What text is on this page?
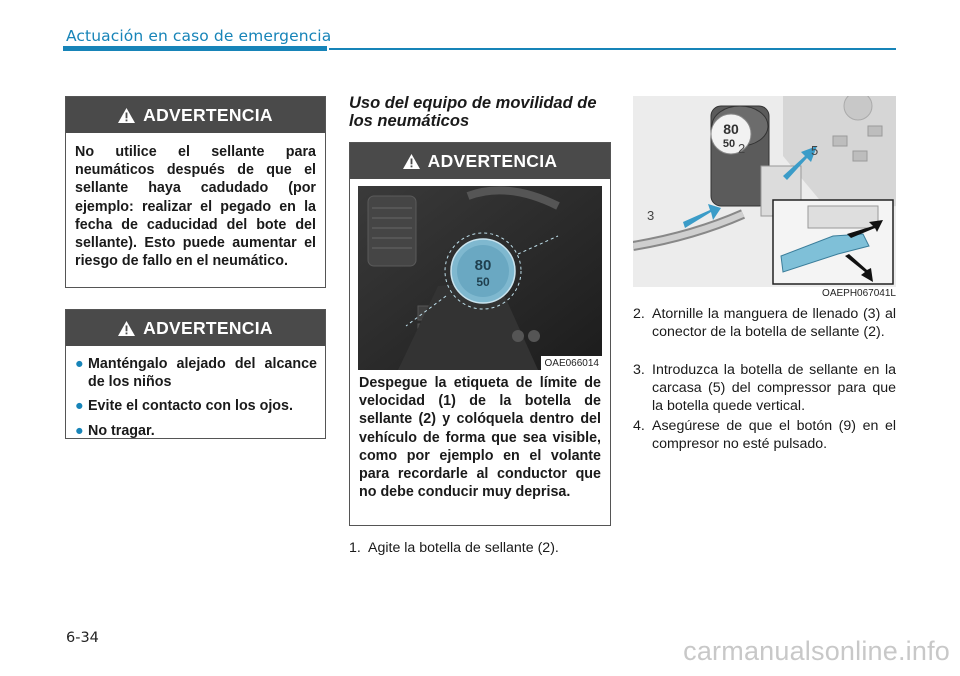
Actuación en caso de emergencia
ADVERTENCIA
No utilice el sellante para neumáticos después de que el sellante haya cadudado (por ejemplo: realizar el pegado en la fecha de caducidad del bote del sellante). Esto puede aumentar el riesgo de fallo en el neumático.
ADVERTENCIA
● Manténgalo alejado del alcance de los niños
● Evite el contacto con los ojos.
● No tragar.
Uso del equipo de movilidad de los neumáticos
ADVERTENCIA
80
50
OAE066014
Despegue la etiqueta de límite de velocidad (1) de la botella de sellante (2) y colóquela dentro del vehículo de forma que sea visible, como por ejemplo en el volante para recordarle al conductor que no debe conducir muy deprisa.
1. Agite la botella de sellante (2).
80
50 2
3
5
OAEPH067041L
2. Atornille la manguera de llenado (3) al conector de la botella de sellante (2).
3. Introduzca la botella de sellante en la carcasa (5) del compressor para que la botella quede vertical.
4. Asegúrese de que el botón (9) en el compresor no esté pulsado.
6-34	carmanualsonline.info
